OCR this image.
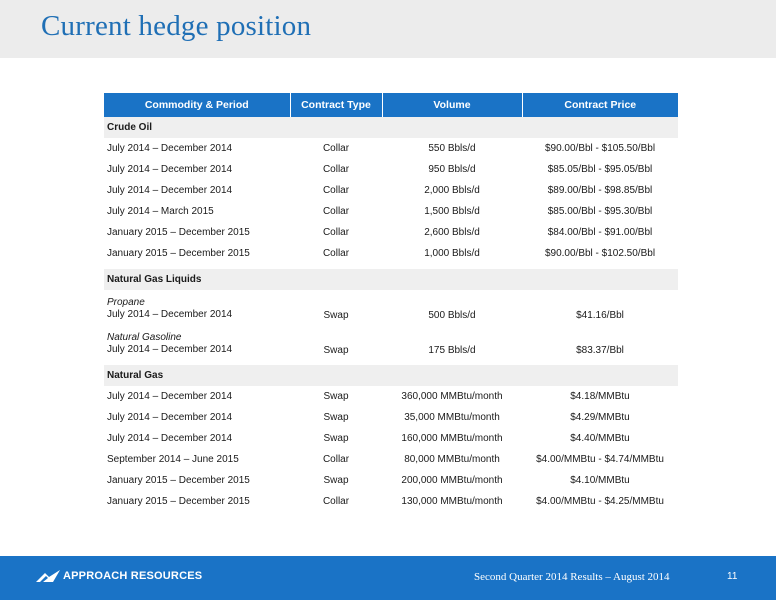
Current hedge position
Commodity & Period	Contract Type	Volume	Contract Price
Crude Oil			
July 2014 – December 2014	Collar	550 Bbls/d	$90.00/Bbl - $105.50/Bbl
July 2014 – December 2014	Collar	950 Bbls/d	$85.05/Bbl - $95.05/Bbl
July 2014 – December 2014	Collar	2,000 Bbls/d	$89.00/Bbl - $98.85/Bbl
July 2014 – March 2015	Collar	1,500 Bbls/d	$85.00/Bbl - $95.30/Bbl
January 2015 – December 2015	Collar	2,600 Bbls/d	$84.00/Bbl - $91.00/Bbl
January 2015 – December 2015	Collar	1,000 Bbls/d	$90.00/Bbl - $102.50/Bbl

Natural Gas Liquids			

Propane
July 2014 – December 2014	Swap	500 Bbls/d	$41.16/Bbl

Natural Gasoline
July 2014 – December 2014	Swap	175 Bbls/d	$83.37/Bbl

Natural Gas			
July 2014 – December 2014	Swap	360,000 MMBtu/month	$4.18/MMBtu
July 2014 – December 2014	Swap	35,000 MMBtu/month	$4.29/MMBtu
July 2014 – December 2014	Swap	160,000 MMBtu/month	$4.40/MMBtu
September 2014 – June 2015	Collar	80,000 MMBtu/month	$4.00/MMBtu - $4.74/MMBtu
January 2015 – December 2015	Swap	200,000 MMBtu/month	$4.10/MMBtu
January 2015 – December 2015	Collar	130,000 MMBtu/month	$4.00/MMBtu - $4.25/MMBtu
APPROACH RESOURCES	Second Quarter 2014 Results – August 2014	11
